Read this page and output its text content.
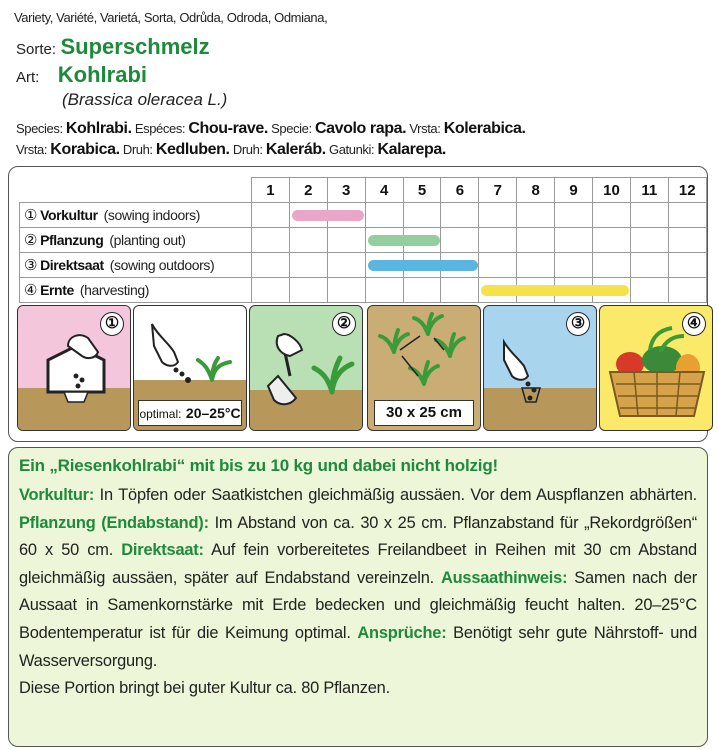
Variety, Variété, Varietá, Sorta, Odrůda, Odroda, Odmiana,
Sorte: Superschmelz
Art: Kohlrabi
(Brassica oleracea L.)
Species: Kohlrabi. Espéces: Chou-rave. Specie: Cavolo rapa. Vrsta: Kolerabica.
Vrsta: Korabica. Druh: Kedluben. Druh: Kaleráb. Gatunki: Kalarepa.
	1	2	3	4	5	6	7	8	9	10	11	12
① Vorkultur (sowing indoors)		

② Pflanzung (planting out)				

③ Direktsaat (sowing outdoors)				

④ Ernte (harvesting)							

①
optimal: 20–25°C
②
30 x 25 cm
③	④
Ein „Riesenkohlrabi“ mit bis zu 10 kg und dabei nicht holzig!
Vorkultur: In Töpfen oder Saatkistchen gleichmäßig aussäen. Vor dem Auspflanzen abhärten. Pflanzung (Endabstand): Im Abstand von ca. 30 x 25 cm. Pflanzabstand für „Rekordgrößen“ 60 x 50 cm. Direktsaat: Auf fein vorbereitetes Freilandbeet in Reihen mit 30 cm Abstand gleichmäßig aussäen, später auf Endabstand vereinzeln. Aussaathinweis: Samen nach der Aussaat in Samenkornstärke mit Erde bedecken und gleichmäßig feucht halten. 20–25°C Bodentemperatur ist für die Keimung optimal. Ansprüche: Benötigt sehr gute Nährstoff- und Wasserversorgung.
Diese Portion bringt bei guter Kultur ca. 80 Pflanzen.
